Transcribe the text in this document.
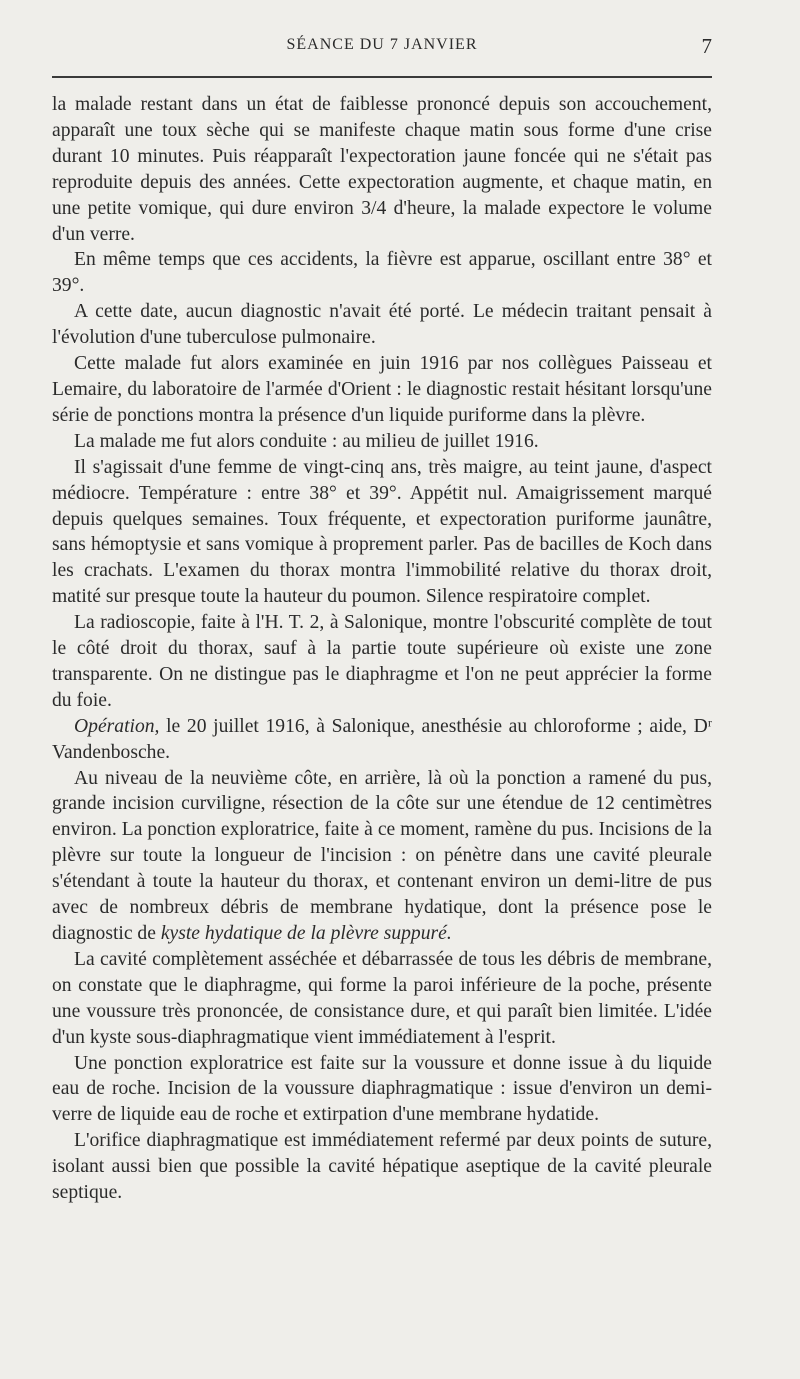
SÉANCE DU 7 JANVIER	7

la malade restant dans un état de faiblesse prononcé depuis son accouchement, apparaît une toux sèche qui se manifeste chaque matin sous forme d'une crise durant 10 minutes. Puis réapparaît l'expectoration jaune foncée qui ne s'était pas reproduite depuis des années. Cette expectoration augmente, et chaque matin, en une petite vomique, qui dure environ 3/4 d'heure, la malade expectore le volume d'un verre.

En même temps que ces accidents, la fièvre est apparue, oscillant entre 38° et 39°.

A cette date, aucun diagnostic n'avait été porté. Le médecin traitant pensait à l'évolution d'une tuberculose pulmonaire.

Cette malade fut alors examinée en juin 1916 par nos collègues Paisseau et Lemaire, du laboratoire de l'armée d'Orient : le diagnostic restait hésitant lorsqu'une série de ponctions montra la présence d'un liquide puriforme dans la plèvre.

La malade me fut alors conduite : au milieu de juillet 1916.

Il s'agissait d'une femme de vingt-cinq ans, très maigre, au teint jaune, d'aspect médiocre. Température : entre 38° et 39°. Appétit nul. Amaigrissement marqué depuis quelques semaines. Toux fréquente, et expectoration puriforme jaunâtre, sans hémoptysie et sans vomique à proprement parler. Pas de bacilles de Koch dans les crachats. L'examen du thorax montra l'immobilité relative du thorax droit, matité sur presque toute la hauteur du poumon. Silence respiratoire complet.

La radioscopie, faite à l'H. T. 2, à Salonique, montre l'obscurité complète de tout le côté droit du thorax, sauf à la partie toute supérieure où existe une zone transparente. On ne distingue pas le diaphragme et l'on ne peut apprécier la forme du foie.

Opération, le 20 juillet 1916, à Salonique, anesthésie au chloroforme ; aide, Dʳ Vandenbosche.

Au niveau de la neuvième côte, en arrière, là où la ponction a ramené du pus, grande incision curviligne, résection de la côte sur une étendue de 12 centimètres environ. La ponction exploratrice, faite à ce moment, ramène du pus. Incisions de la plèvre sur toute la longueur de l'incision : on pénètre dans une cavité pleurale s'étendant à toute la hauteur du thorax, et contenant environ un demi-litre de pus avec de nombreux débris de membrane hydatique, dont la présence pose le diagnostic de kyste hydatique de la plèvre suppuré.

La cavité complètement asséchée et débarrassée de tous les débris de membrane, on constate que le diaphragme, qui forme la paroi inférieure de la poche, présente une voussure très prononcée, de consistance dure, et qui paraît bien limitée. L'idée d'un kyste sous-diaphragmatique vient immédiatement à l'esprit.

Une ponction exploratrice est faite sur la voussure et donne issue à du liquide eau de roche. Incision de la voussure diaphragmatique : issue d'environ un demi-verre de liquide eau de roche et extirpation d'une membrane hydatide.

L'orifice diaphragmatique est immédiatement refermé par deux points de suture, isolant aussi bien que possible la cavité hépatique aseptique de la cavité pleurale septique.
